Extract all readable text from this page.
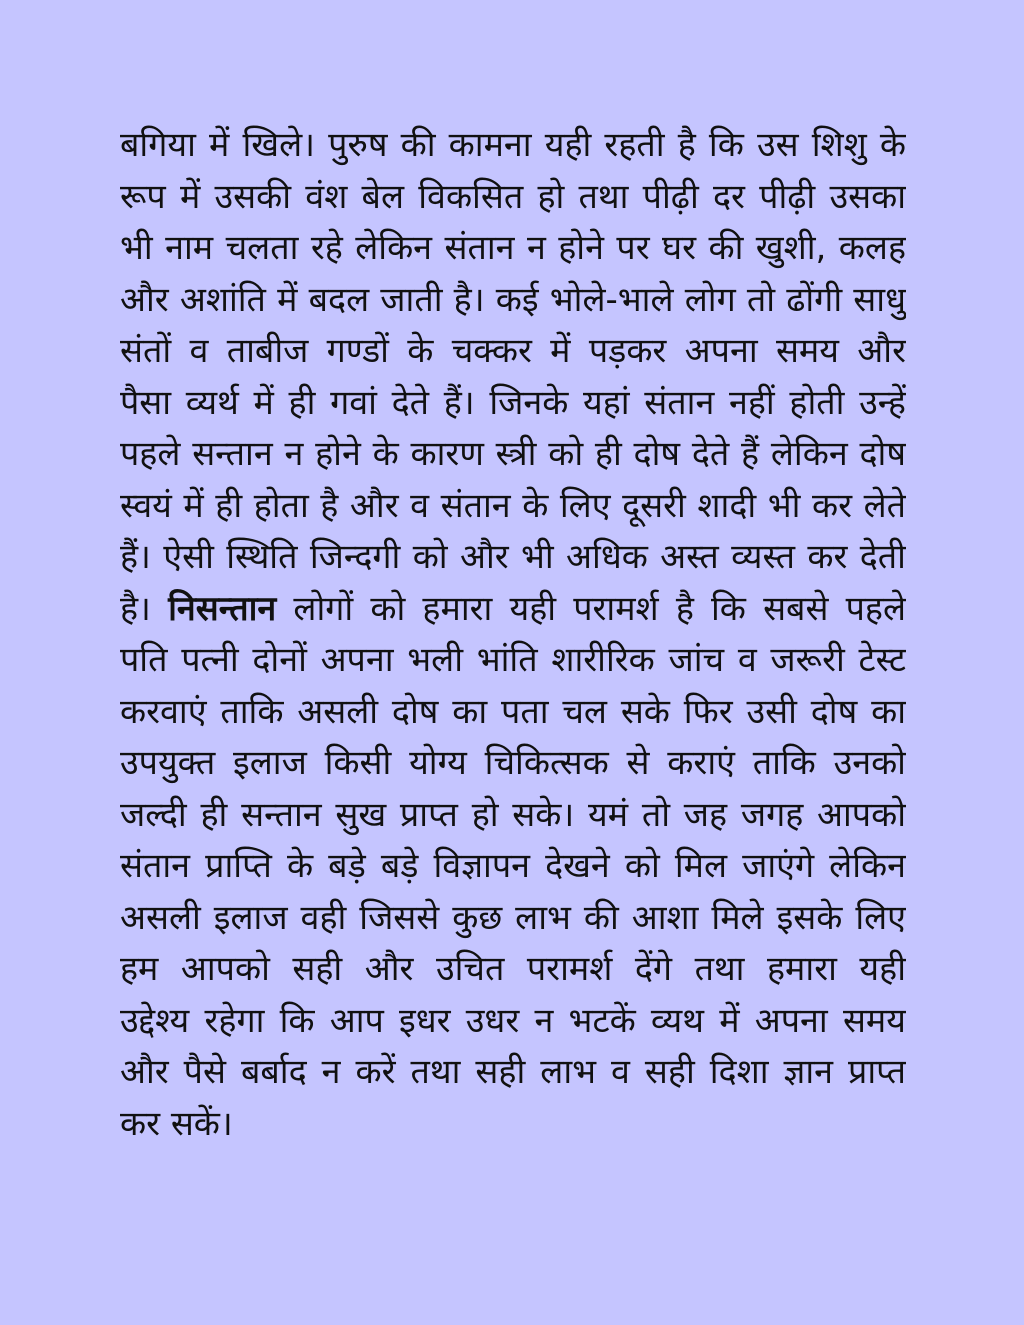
बगिया में खिले। पुरुष की कामना यही रहती है कि उस शिशु के
रूप में उसकी वंश बेल विकसित हो तथा पीढ़ी दर पीढ़ी उसका
भी नाम चलता रहे लेकिन संतान न होने पर घर की खुशी, कलह
और अशांति में बदल जाती है। कई भोले-भाले लोग तो ढोंगी साधु
संतों व ताबीज गण्डों के चक्कर में पड़कर अपना समय और
पैसा व्यर्थ में ही गवां देते हैं। जिनके यहां संतान नहीं होती उन्हें
पहले सन्तान न होने के कारण स्त्री को ही दोष देते हैं लेकिन दोष
स्वयं में ही होता है और व संतान के लिए दूसरी शादी भी कर लेते
हैं। ऐसी स्थिति जिन्दगी को और भी अधिक अस्त व्यस्त कर देती
है। निसन्तान लोगों को हमारा यही परामर्श है कि सबसे पहले
पति पत्नी दोनों अपना भली भांति शारीरिक जांच व जरूरी टेस्ट
करवाएं ताकि असली दोष का पता चल सके फिर उसी दोष का
उपयुक्त इलाज किसी योग्य चिकित्सक से कराएं ताकि उनको
जल्दी ही सन्तान सुख प्राप्त हो सके। यमं तो जह जगह आपको
संतान प्राप्ति के बड़े बड़े विज्ञापन देखने को मिल जाएंगे लेकिन
असली इलाज वही जिससे कुछ लाभ की आशा मिले इसके लिए
हम आपको सही और उचित परामर्श देंगे तथा हमारा यही
उद्देश्य रहेगा कि आप इधर उधर न भटकें व्यथ में अपना समय
और पैसे बर्बाद न करें तथा सही लाभ व सही दिशा ज्ञान प्राप्त
कर सकें।
